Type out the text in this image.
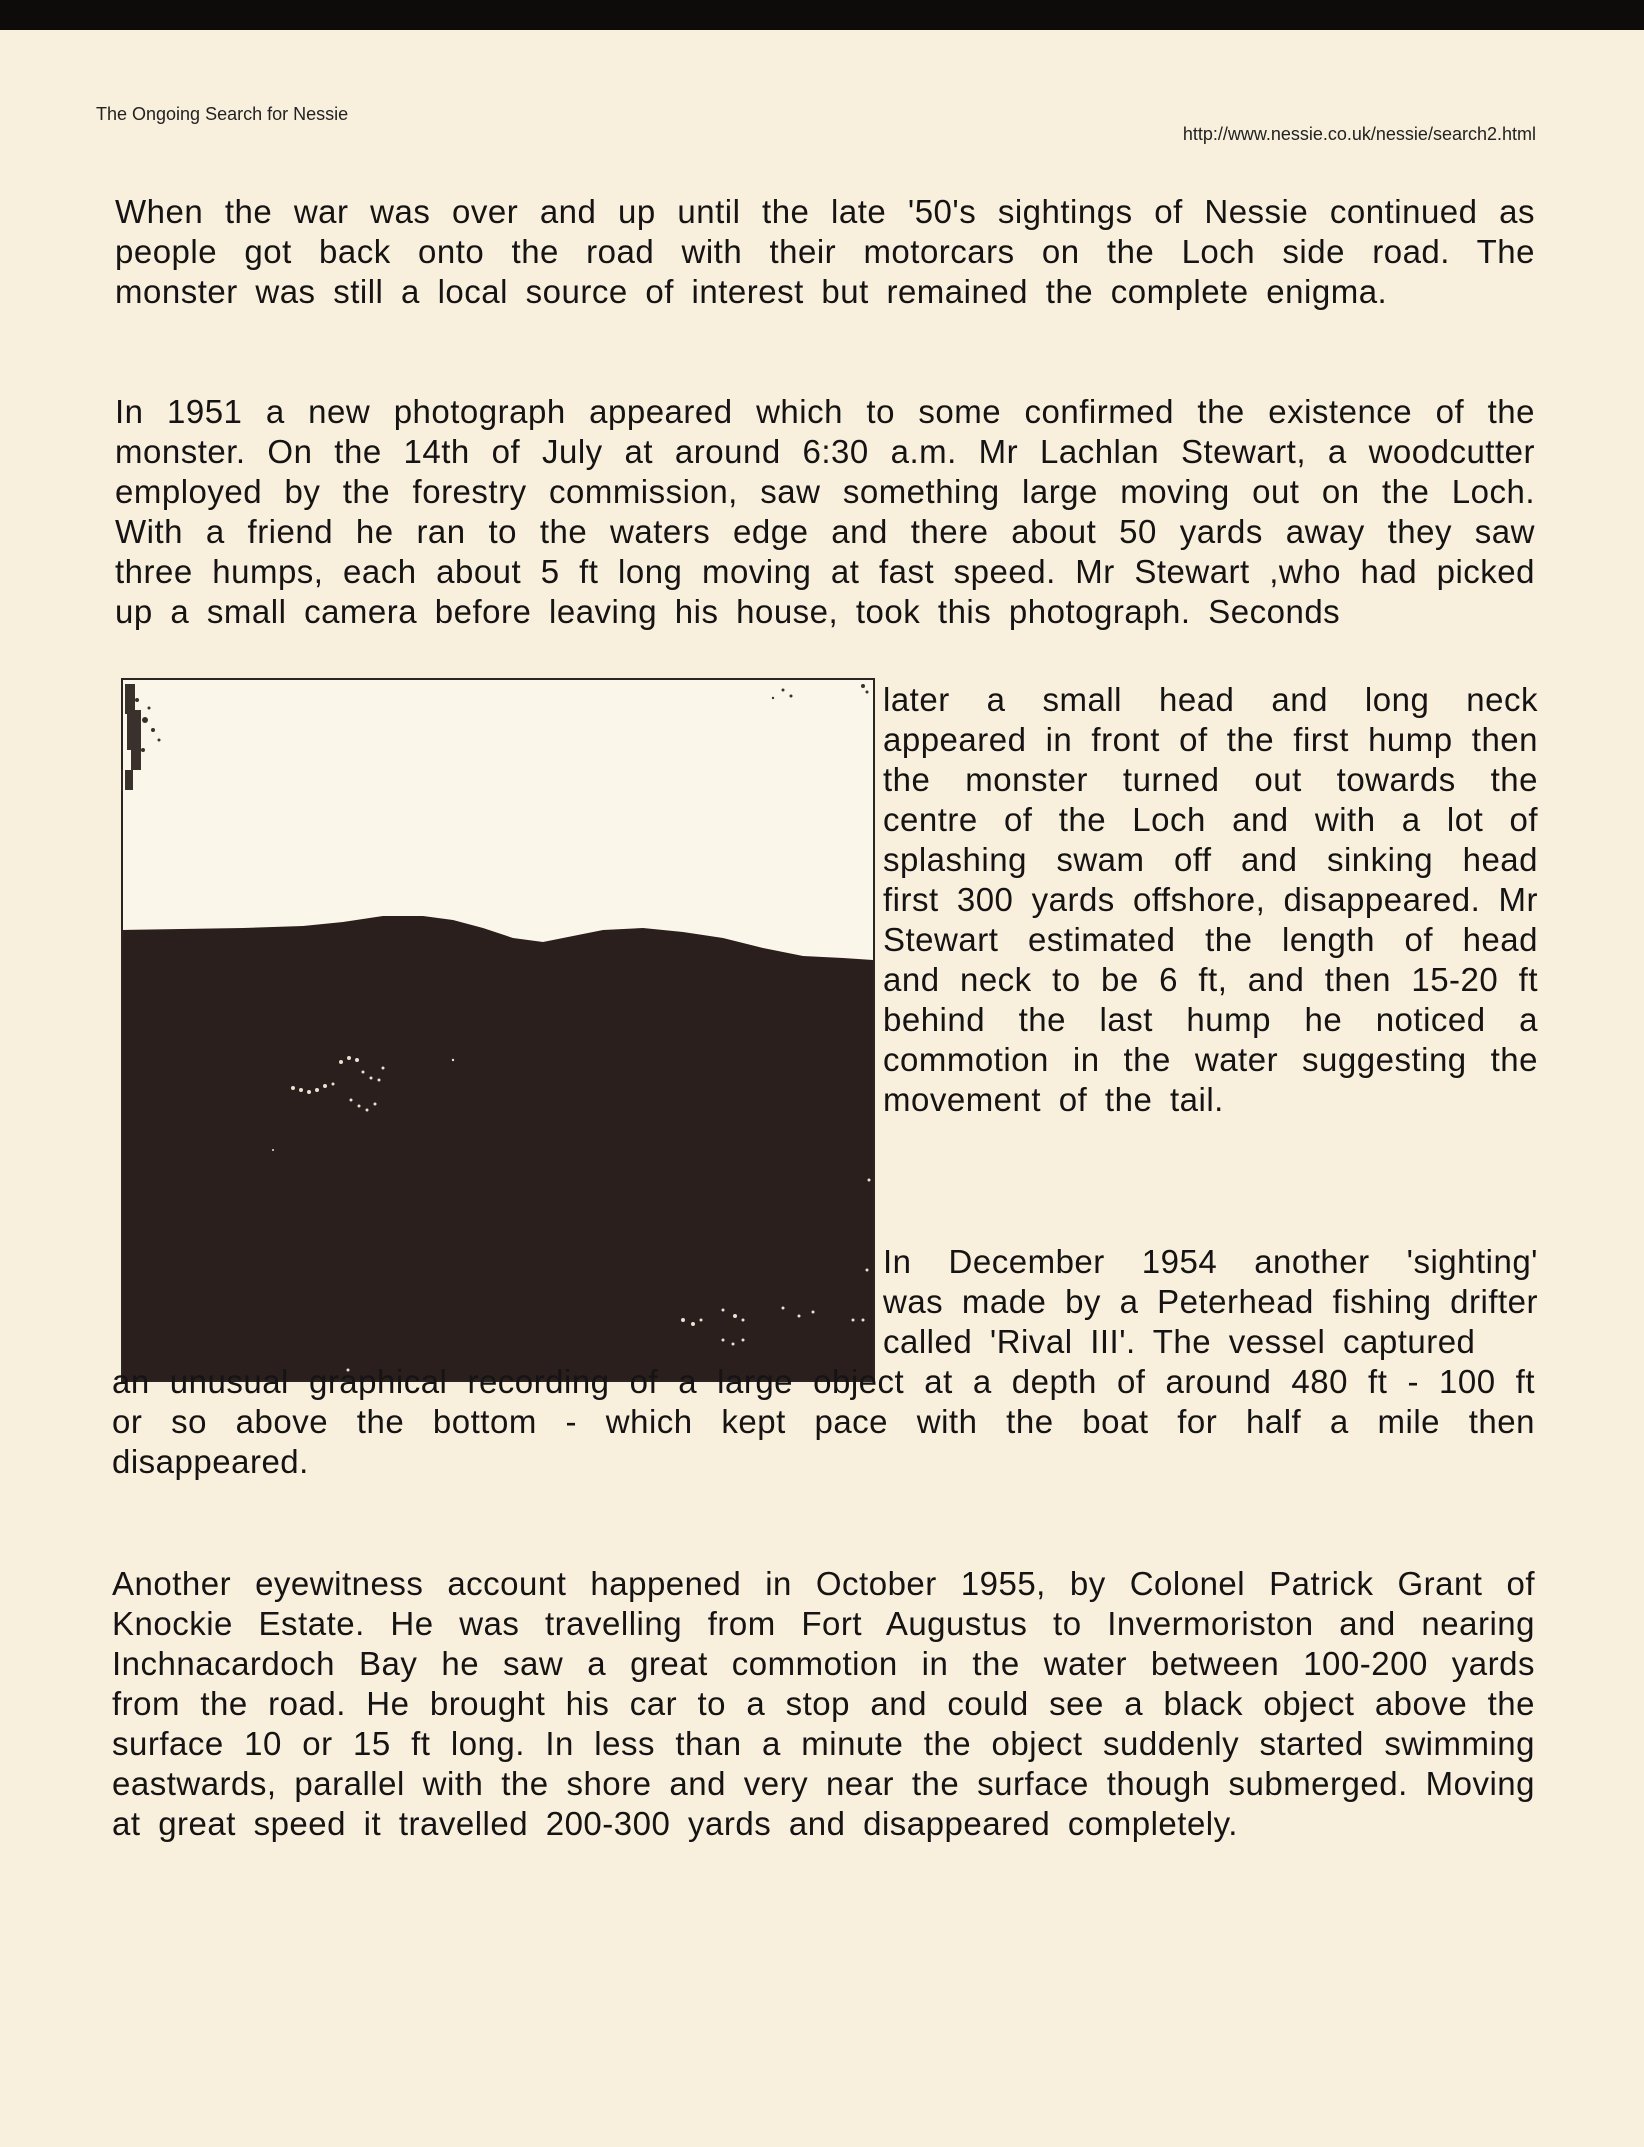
The Ongoing Search for Nessie
http://www.nessie.co.uk/nessie/search2.html

When the war was over and up until the late '50's sightings of Nessie continued as people got back onto the road with their motorcars on the Loch side road. The monster was still a local source of interest but remained the complete enigma.

In 1951 a new photograph appeared which to some confirmed the existence of the monster. On the 14th of July at around 6:30 a.m. Mr Lachlan Stewart, a woodcutter employed by the forestry commission, saw something large moving out on the Loch. With a friend he ran to the waters edge and there about 50 yards away they saw three humps, each about 5 ft long moving at fast speed. Mr Stewart ,who had picked up a small camera before leaving his house, took this photograph. Seconds

later a small head and long neck appeared in front of the first hump then the monster turned out towards the centre of the Loch and with a lot of splashing swam off and sinking head first 300 yards offshore, disappeared. Mr Stewart estimated the length of head and neck to be 6 ft, and then 15-20 ft behind the last hump he noticed a commotion in the water suggesting the movement of the tail.

In December 1954 another 'sighting' was made by a Peterhead fishing drifter called 'Rival III'. The vessel captured

an unusual graphical recording of a large object at a depth of around 480 ft - 100 ft or so above the bottom - which kept pace with the boat for half a mile then disappeared.

Another eyewitness account happened in October 1955, by Colonel Patrick Grant of Knockie Estate. He was travelling from Fort Augustus to Invermoriston and nearing Inchnacardoch Bay he saw a great commotion in the water between 100-200 yards from the road. He brought his car to a stop and could see a black object above the surface 10 or 15 ft long. In less than a minute the object suddenly started swimming eastwards, parallel with the shore and very near the surface though submerged. Moving at great speed it travelled 200-300 yards and disappeared completely.
